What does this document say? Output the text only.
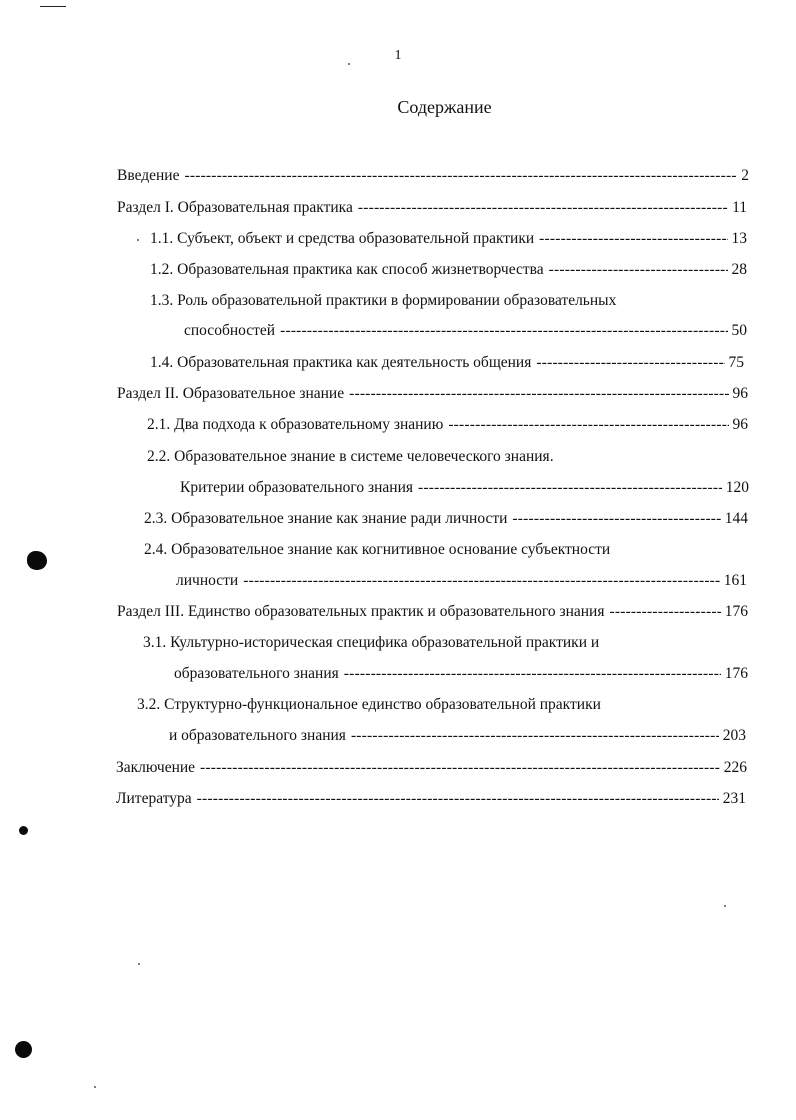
1
Содержание
Введение -----	2
Раздел I. Образовательная практика -----	11
1.1. Субъект, объект и средства образовательной практики -----	13
1.2. Образовательная практика как способ жизнетворчества -----	28
1.3. Роль образовательной практики в формировании образовательных
способностей -----	50
1.4. Образовательная практика как деятельность общения -----	75
Раздел II. Образовательное знание -----	96
2.1. Два подхода к образовательному знанию -----	96
2.2. Образовательное знание в системе человеческого знания.
Критерии образовательного знания -----	120
2.3. Образовательное знание как знание ради личности -----	144
2.4. Образовательное знание как когнитивное основание субъектности
личности -----	161
Раздел III. Единство образовательных практик и образовательного знания -----	176
3.1. Культурно-историческая специфика образовательной практики и
образовательного знания -----	176
3.2. Структурно-функциональное единство образовательной практики
и образовательного знания -----	203
Заключение -----	226
Литература -----	231
